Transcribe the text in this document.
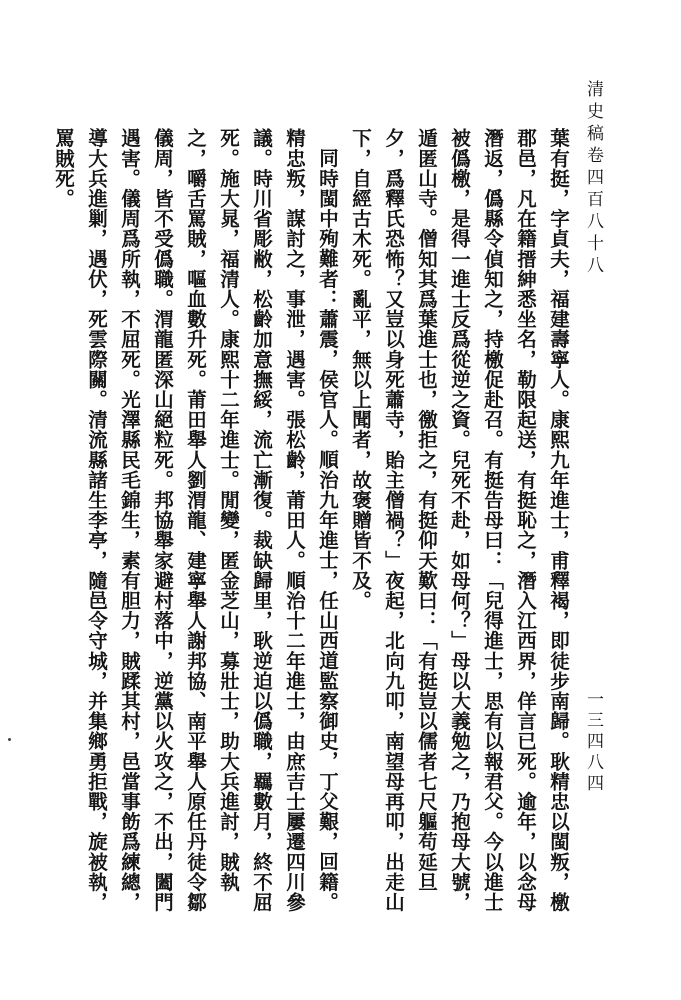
清史稿卷四百八十八
一三四八四

葉有挺，字貞夫，福建壽寧人。康熙九年進士，甫釋褐，即徒步南歸。耿精忠以閩叛，檄郡邑，凡在籍搢紳悉坐名，勒限起送，有挺恥之，潛入江西界，佯言已死。逾年，以念母潛返，僞縣令偵知之，持檄促赴召。有挺告母曰：「兒得進士，思有以報君父。今以進士被僞檄，是得一進士反爲從逆之資。兒死不赴，如母何？」母以大義勉之，乃抱母大號，遁匿山寺。僧知其爲葉進士也，徼拒之，有挺仰天歎曰：「有挺豈以儒者七尺軀苟延旦夕，爲釋氏恐怖？又豈以身死蕭寺，貽主僧禍？」夜起，北向九叩，南望母再叩，出走山下，自經古木死。亂平，無以上聞者，故褒贈皆不及。

同時閩中殉難者：蕭震，侯官人。順治九年進士，任山西道監察御史，丁父艱，回籍。精忠叛，謀討之，事泄，遇害。張松齡，莆田人。順治十二年進士，由庶吉士屢遷四川參議。時川省彫敝，松齡加意撫綏，流亡漸復。裁缺歸里，耿逆迫以僞職，羈數月，終不屈死。施大晁，福清人。康熙十二年進士。閒變，匿金芝山，募壯士，助大兵進討，賊執之，嚼舌罵賊，嘔血數升死。莆田舉人劉渭龍、建寧舉人謝邦協、南平舉人原任丹徒令鄒儀周，皆不受僞職。渭龍匿深山絕粒死。邦協舉家避村落中，逆黨以火攻之，不出，闔門遇害。儀周爲所執，不屈死。光澤縣民毛錦生，素有胆力，賊蹂其村，邑當事飭爲練總，導大兵進剿，遇伏，死雲際關。清流縣諸生李亭，隨邑令守城，并集鄉勇拒戰，旋被執，罵賊死。
